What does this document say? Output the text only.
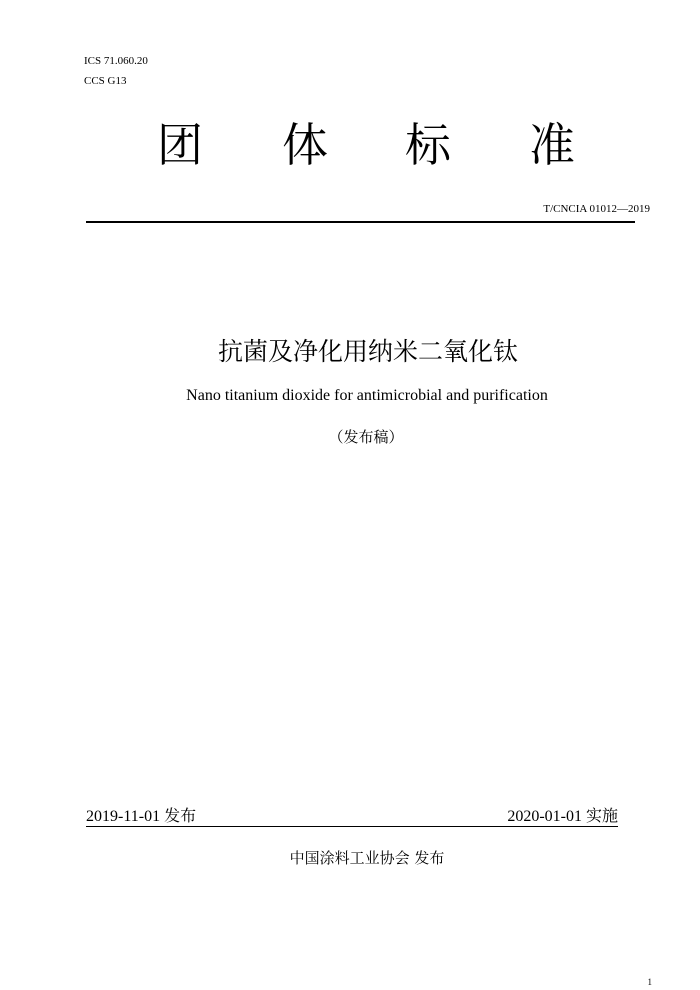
ICS 71.060.20
CCS G13
团 体 标 准
T/CNCIA 01012—2019
抗菌及净化用纳米二氧化钛
Nano titanium dioxide for antimicrobial and purification
（发布稿）
2019-11-01 发布	2020-01-01 实施
中国涂料工业协会 发布
1
